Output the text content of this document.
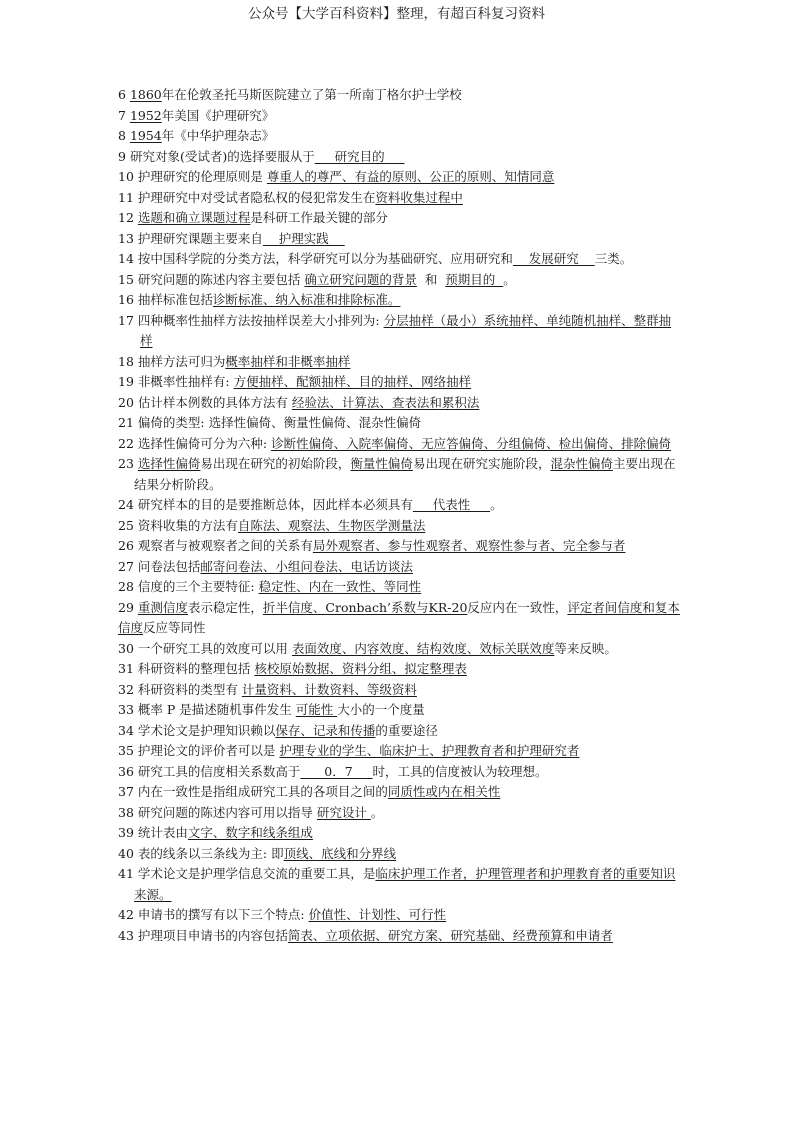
公众号【大学百科资料】整理，有超百科复习资料

6 1860年在伦敦圣托马斯医院建立了第一所南丁格尔护士学校

7 1952年美国《护理研究》

8 1954年《中华护理杂志》

9 研究对象(受试者)的选择要服从于     研究目的

10 护理研究的伦理原则是 尊重人的尊严、有益的原则、公正的原则、知情同意

11 护理研究中对受试者隐私权的侵犯常发生在资料收集过程中

12 选题和确立课题过程是科研工作最关键的部分

13 护理研究课题主要来自    护理实践

14 按中国科学院的分类方法，科学研究可以分为基础研究、应用研究和    发展研究    三类。

15 研究问题的陈述内容主要包括 确立研究问题的背景  和  预期目的  。

16 抽样标准包括诊断标准、纳入标准和排除标准。

17 四种概率性抽样方法按抽样误差大小排列为: 分层抽样（最小）系统抽样、单纯随机抽样、整群抽样

18 抽样方法可归为概率抽样和非概率抽样

19 非概率性抽样有: 方便抽样、配额抽样、目的抽样、网络抽样

20 估计样本例数的具体方法有 经验法、计算法、查表法和累积法

21 偏倚的类型: 选择性偏倚、衡量性偏倚、混杂性偏倚

22 选择性偏倚可分为六种: 诊断性偏倚、入院率偏倚、无应答偏倚、分组偏倚、检出偏倚、排除偏倚

23 选择性偏倚易出现在研究的初始阶段，衡量性偏倚易出现在研究实施阶段，混杂性偏倚主要出现在结果分析阶段。

24 研究样本的目的是要推断总体，因此样本必须具有     代表性     。

25 资料收集的方法有自陈法、观察法、生物医学测量法

26 观察者与被观察者之间的关系有局外观察者、参与性观察者、观察性参与者、完全参与者

27 问卷法包括邮寄问卷法、小组问卷法、电话访谈法

28 信度的三个主要特征: 稳定性、内在一致性、等同性

29 重测信度表示稳定性，折半信度、Cronbach’系数与KR-20反应内在一致性，评定者间信度和复本信度反应等同性

30 一个研究工具的效度可以用 表面效度、内容效度、结构效度、效标关联效度等来反映。

31 科研资料的整理包括 核校原始数据、资料分组、拟定整理表

32 科研资料的类型有 计量资料、计数资料、等级资料

33 概率 P 是描述随机事件发生 可能性 大小的一个度量

34 学术论文是护理知识赖以保存、记录和传播的重要途径

35 护理论文的评价者可以是 护理专业的学生、临床护士、护理教育者和护理研究者

36 研究工具的信度相关系数高于      0．7     时，工具的信度被认为较理想。

37 内在一致性是指组成研究工具的各项目之间的同质性或内在相关性

38 研究问题的陈述内容可用以指导 研究设计 。

39 统计表由文字、数字和线条组成

40 表的线条以三条线为主: 即顶线、底线和分界线

41 学术论文是护理学信息交流的重要工具，是临床护理工作者，护理管理者和护理教育者的重要知识来源。

42 申请书的撰写有以下三个特点: 价值性、计划性、可行性

43 护理项目申请书的内容包括简表、立项依据、研究方案、研究基础、经费预算和申请者
